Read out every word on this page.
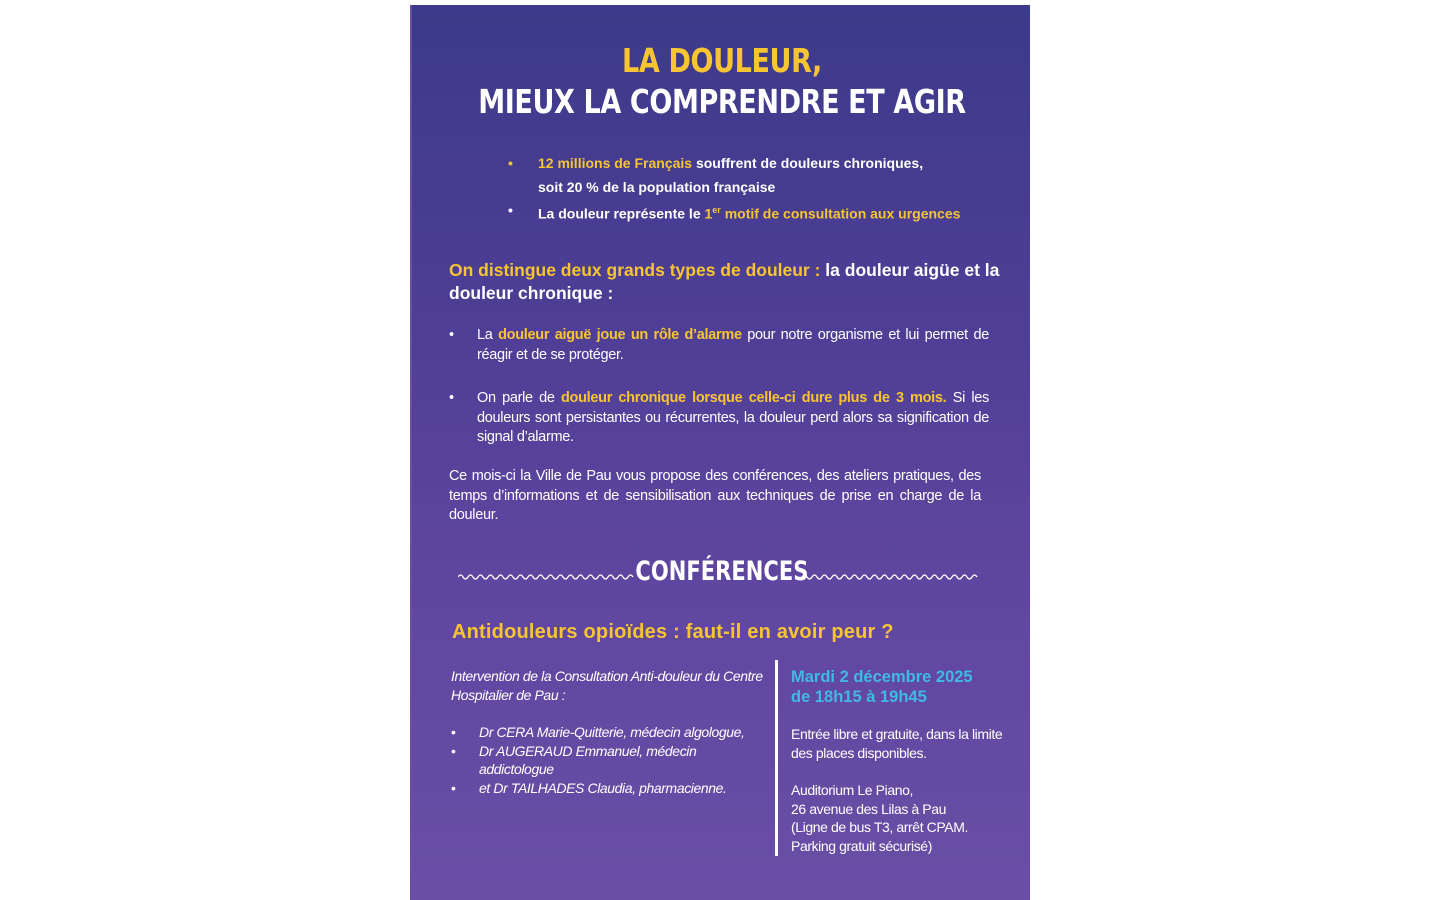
LA DOULEUR,
MIEUX LA COMPRENDRE ET AGIR
• 12 millions de Français souffrent de douleurs chroniques,
soit 20 % de la population française
• La douleur représente le 1er motif de consultation aux urgences
On distingue deux grands types de douleur : la douleur aigüe et la douleur chronique :
• La douleur aiguë joue un rôle d’alarme pour notre organisme et lui permet de réagir et de se protéger.
• On parle de douleur chronique lorsque celle-ci dure plus de 3 mois. Si les douleurs sont persistantes ou récurrentes, la douleur perd alors sa signification de signal d’alarme.
Ce mois-ci la Ville de Pau vous propose des conférences, des ateliers pratiques, des temps d’informations et de sensibilisation aux techniques de prise en charge de la douleur.
CONFÉRENCES
Antidouleurs opioïdes : faut-il en avoir peur ?
Intervention de la Consultation Anti-douleur du Centre Hospitalier de Pau :
• Dr CERA Marie-Quitterie, médecin algologue,
• Dr AUGERAUD Emmanuel, médecin addictologue
• et Dr TAILHADES Claudia, pharmacienne.
Mardi 2 décembre 2025
de 18h15 à 19h45
Entrée libre et gratuite, dans la limite des places disponibles.
Auditorium Le Piano,
26 avenue des Lilas à Pau
(Ligne de bus T3, arrêt CPAM.
Parking gratuit sécurisé)
